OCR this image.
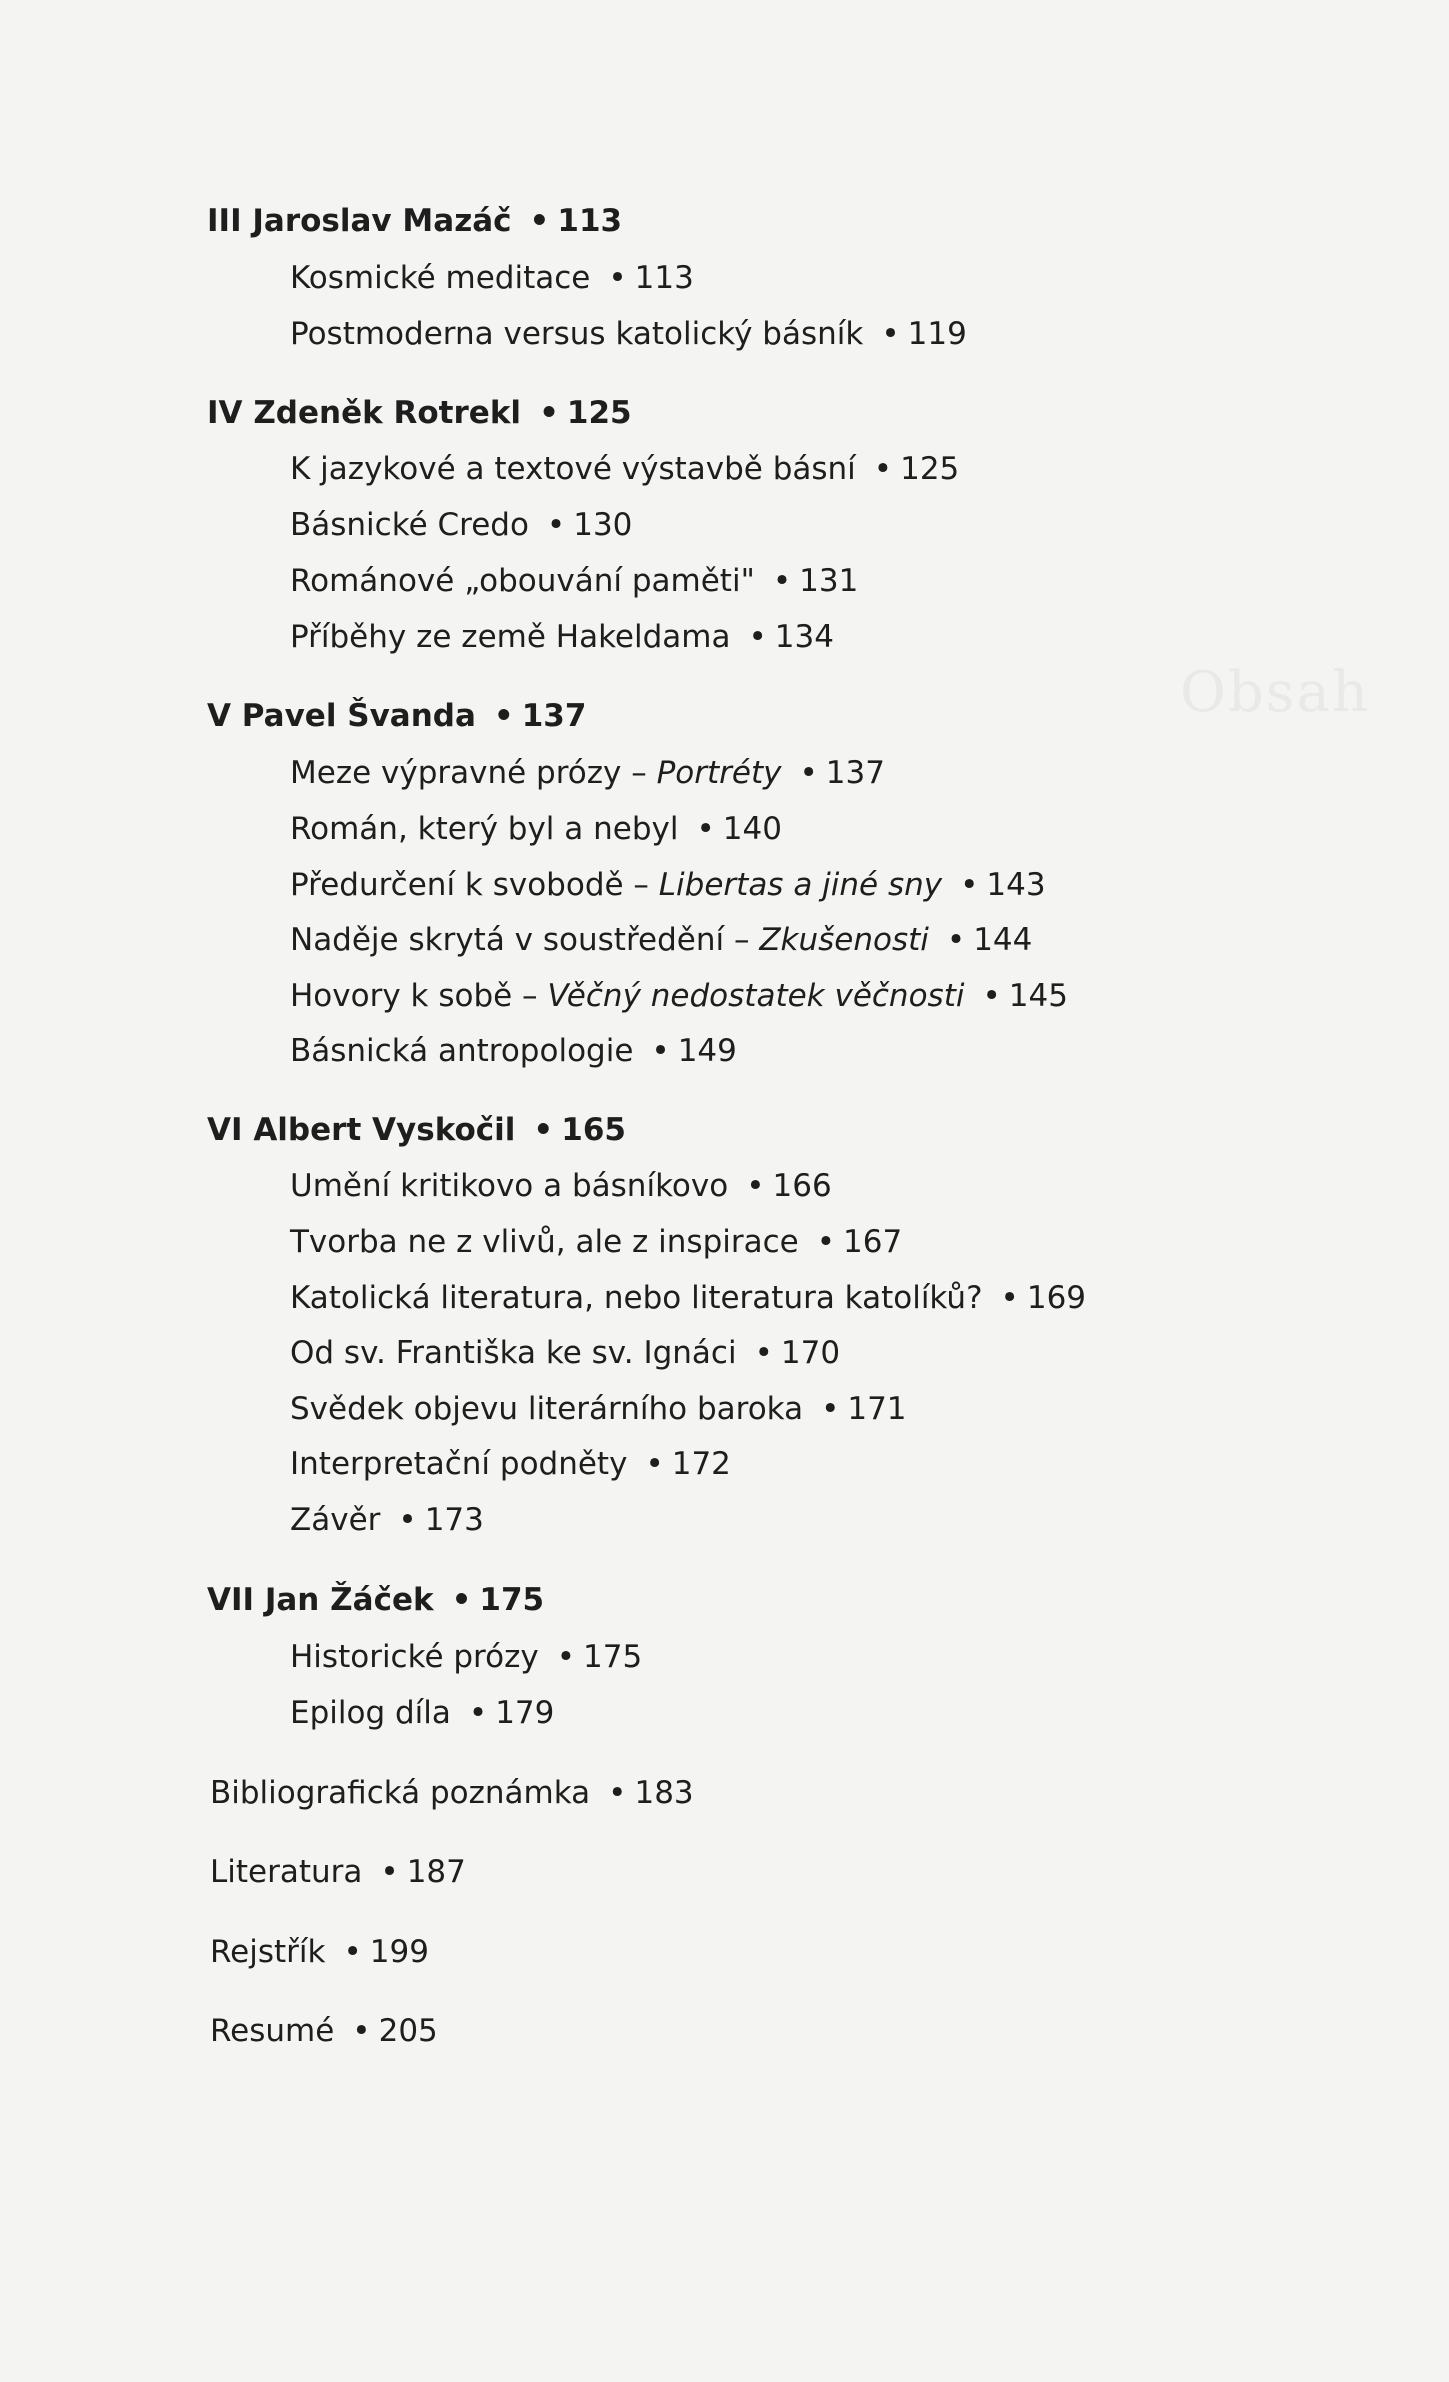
Obsah
III Jaroslav Mazáč • 113
Kosmické meditace • 113
Postmoderna versus katolický básník • 119
IV Zdeněk Rotrekl • 125
K jazykové a textové výstavbě básní • 125
Básnické Credo • 130
Románové „obouvání paměti" • 131
Příběhy ze země Hakeldama • 134
V Pavel Švanda • 137
Meze výpravné prózy – Portréty • 137
Román, který byl a nebyl • 140
Předurčení k svobodě – Libertas a jiné sny • 143
Naděje skrytá v soustředění – Zkušenosti • 144
Hovory k sobě – Věčný nedostatek věčnosti • 145
Básnická antropologie • 149
VI Albert Vyskočil • 165
Umění kritikovo a básníkovo • 166
Tvorba ne z vlivů, ale z inspirace • 167
Katolická literatura, nebo literatura katolíků? • 169
Od sv. Františka ke sv. Ignáci • 170
Svědek objevu literárního baroka • 171
Interpretační podněty • 172
Závěr • 173
VII Jan Žáček • 175
Historické prózy • 175
Epilog díla • 179
Bibliografická poznámka • 183
Literatura • 187
Rejstřík • 199
Resumé • 205
